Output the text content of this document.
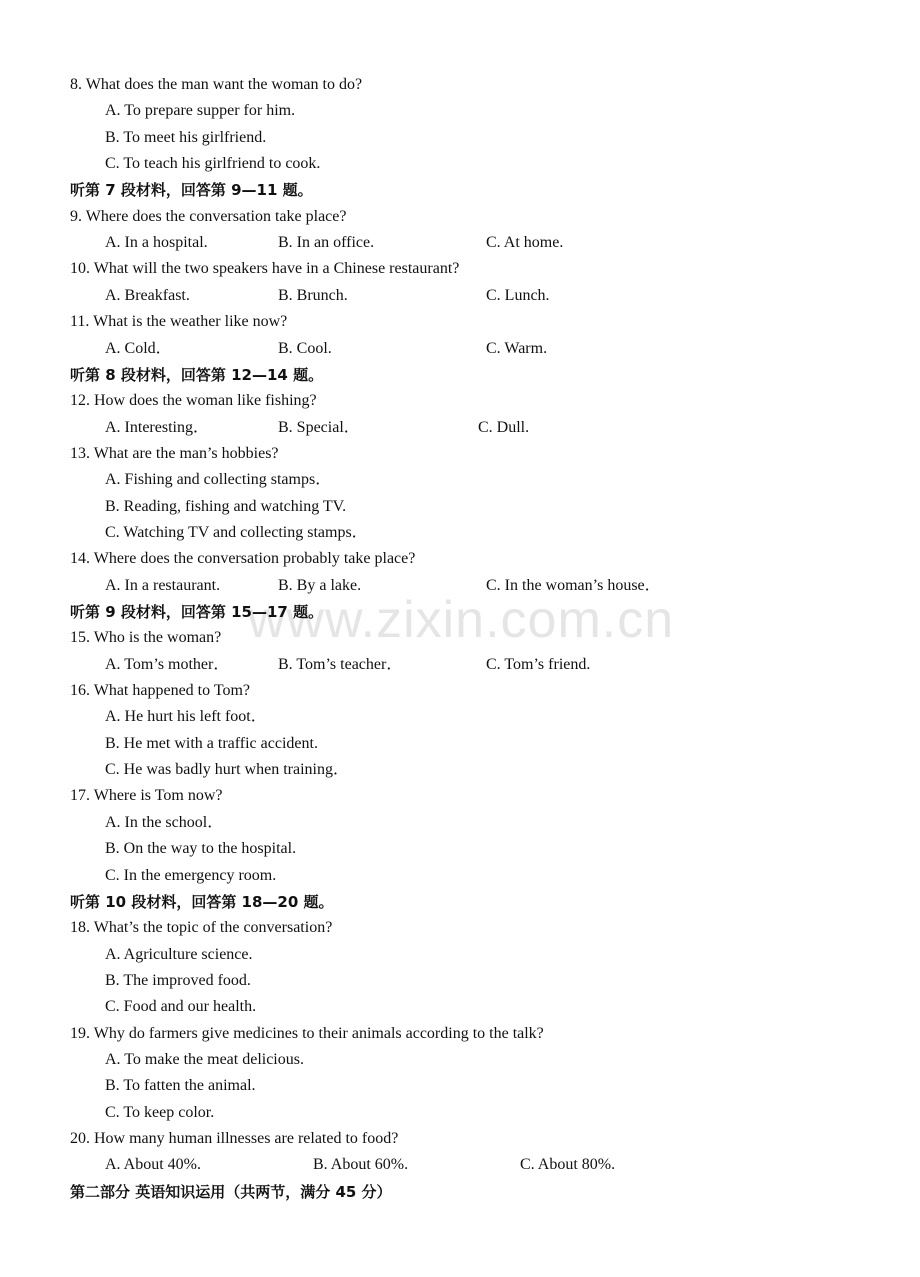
www.zixin.com.cn
8. What does the man want the woman to do?
A. To prepare supper for him.
B. To meet his girlfriend.
C. To teach his girlfriend to cook.
听第 7 段材料，回答第 9—11 题。
9. Where does the conversation take place?
A. In a hospital.	B. In an office.	C. At home.
10. What will the two speakers have in a Chinese restaurant?
A. Breakfast.	B. Brunch.	C. Lunch.
11. What is the weather like now?
A. Cold．	B. Cool.	C. Warm.
听第 8 段材料，回答第 12—14 题。
12. How does the woman like fishing?
A. Interesting．	B. Special．	C. Dull.
13. What are the man’s hobbies?
A. Fishing and collecting stamps．
B. Reading, fishing and watching TV.
C. Watching TV and collecting stamps．
14. Where does the conversation probably take place?
A. In a restaurant.	B. By a lake.	C. In the woman’s house．
听第 9 段材料，回答第 15—17 题。
15. Who is the woman?
A. Tom’s mother．	B. Tom’s teacher．	C. Tom’s friend.
16. What happened to Tom?
A. He hurt his left foot．
B. He met with a traffic accident.
C. He was badly hurt when training．
17. Where is Tom now?
A. In the school．
B. On the way to the hospital.
C. In the emergency room.
听第 10 段材料，回答第 18—20 题。
18. What’s the topic of the conversation?
A. Agriculture science.
B. The improved food.
C. Food and our health.
19. Why do farmers give medicines to their animals according to the talk?
A. To make the meat delicious.
B. To fatten the animal.
C. To keep color.
20. How many human illnesses are related to food?
A. About 40%.	B. About 60%.	C. About 80%.
第二部分 英语知识运用（共两节，满分 45 分）
